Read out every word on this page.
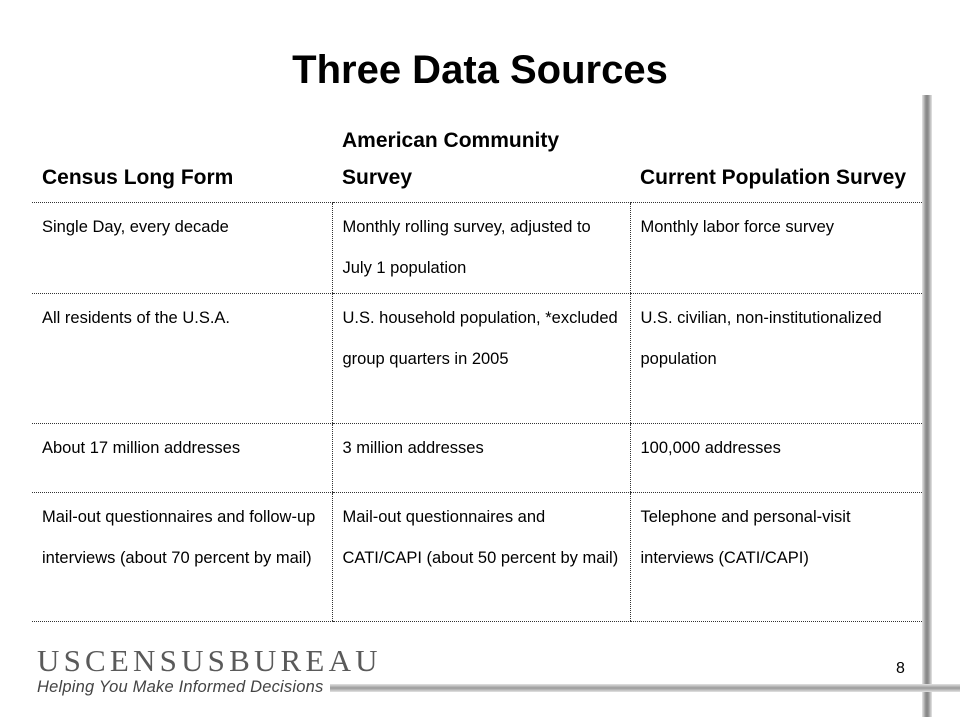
Three Data Sources
Census Long Form	American Community Survey	Current Population Survey
Single Day, every decade	Monthly rolling survey, adjusted to July 1 population	Monthly labor force survey
All residents of the U.S.A.	U.S. household population, *excluded group quarters in 2005	U.S. civilian, non-institutionalized population
About 17 million addresses	3 million addresses	100,000 addresses
Mail-out questionnaires and follow-up interviews (about 70 percent by mail)	Mail-out questionnaires and CATI/CAPI (about 50 percent by mail)	Telephone and personal-visit interviews (CATI/CAPI)
USCENSUSBUREAU
Helping You Make Informed Decisions
8
